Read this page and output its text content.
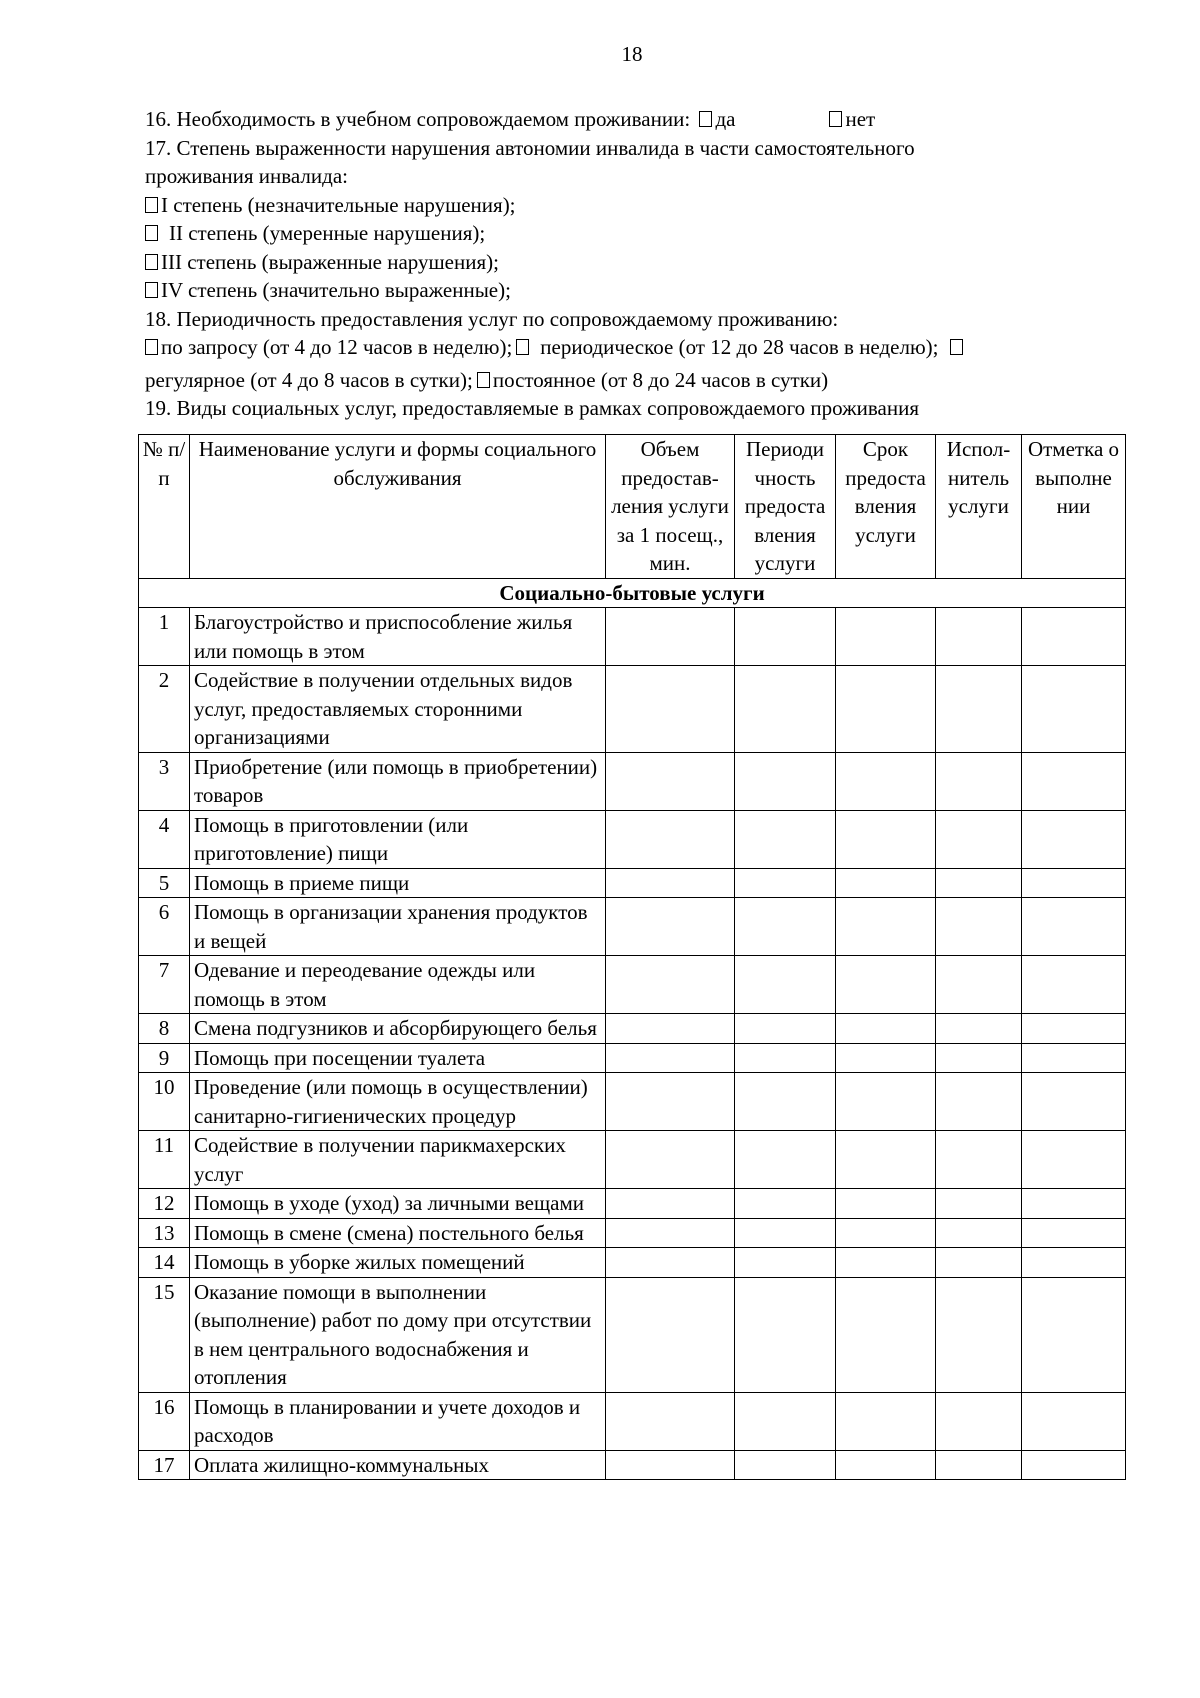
18

16. Необходимость в учебном сопровождаемом проживании: да	нет

17. Степень выраженности нарушения автономии инвалида в части самостоятельного

проживания инвалида:

I степень (незначительные нарушения);

II степень (умеренные нарушения);

III степень (выраженные нарушения);

IV степень (значительно выраженные);

18. Периодичность предоставления услуг по сопровождаемому проживанию:

по запросу (от 4 до 12 часов в неделю); периодическое (от 12 до 28 часов в неделю);

регулярное (от 4 до 8 часов в сутки); постоянное (от 8 до 24 часов в сутки)

19. Виды социальных услуг, предоставляемые в рамках сопровождаемого проживания

№ п/п	Наименование услуги и формы социального обслуживания	Объем предостав-ления услуги за 1 посещ., мин.	Периоди чность предоста вления услуги	Срок предоста вления услуги	Испол-нитель услуги	Отметка о выполне нии
Социально-бытовые услуги						
1	Благоустройство и приспособление жилья или помощь в этом					
2	Содействие в получении отдельных видов услуг, предоставляемых сторонними организациями					
3	Приобретение (или помощь в приобретении) товаров					
4	Помощь в приготовлении (или приготовление) пищи					
5	Помощь в приеме пищи					
6	Помощь в организации хранения продуктов и вещей					
7	Одевание и переодевание одежды или помощь в этом					
8	Смена подгузников и абсорбирующего белья					
9	Помощь при посещении туалета					
10	Проведение (или помощь в осуществлении) санитарно-гигиенических процедур					
11	Содействие в получении парикмахерских услуг					
12	Помощь в уходе (уход) за личными вещами					
13	Помощь в смене (смена) постельного белья					
14	Помощь в уборке жилых помещений					
15	Оказание помощи в выполнении (выполнение) работ по дому при отсутствии в нем центрального водоснабжения и отопления					
16	Помощь в планировании и учете доходов и расходов					
17	Оплата жилищно-коммунальных					
